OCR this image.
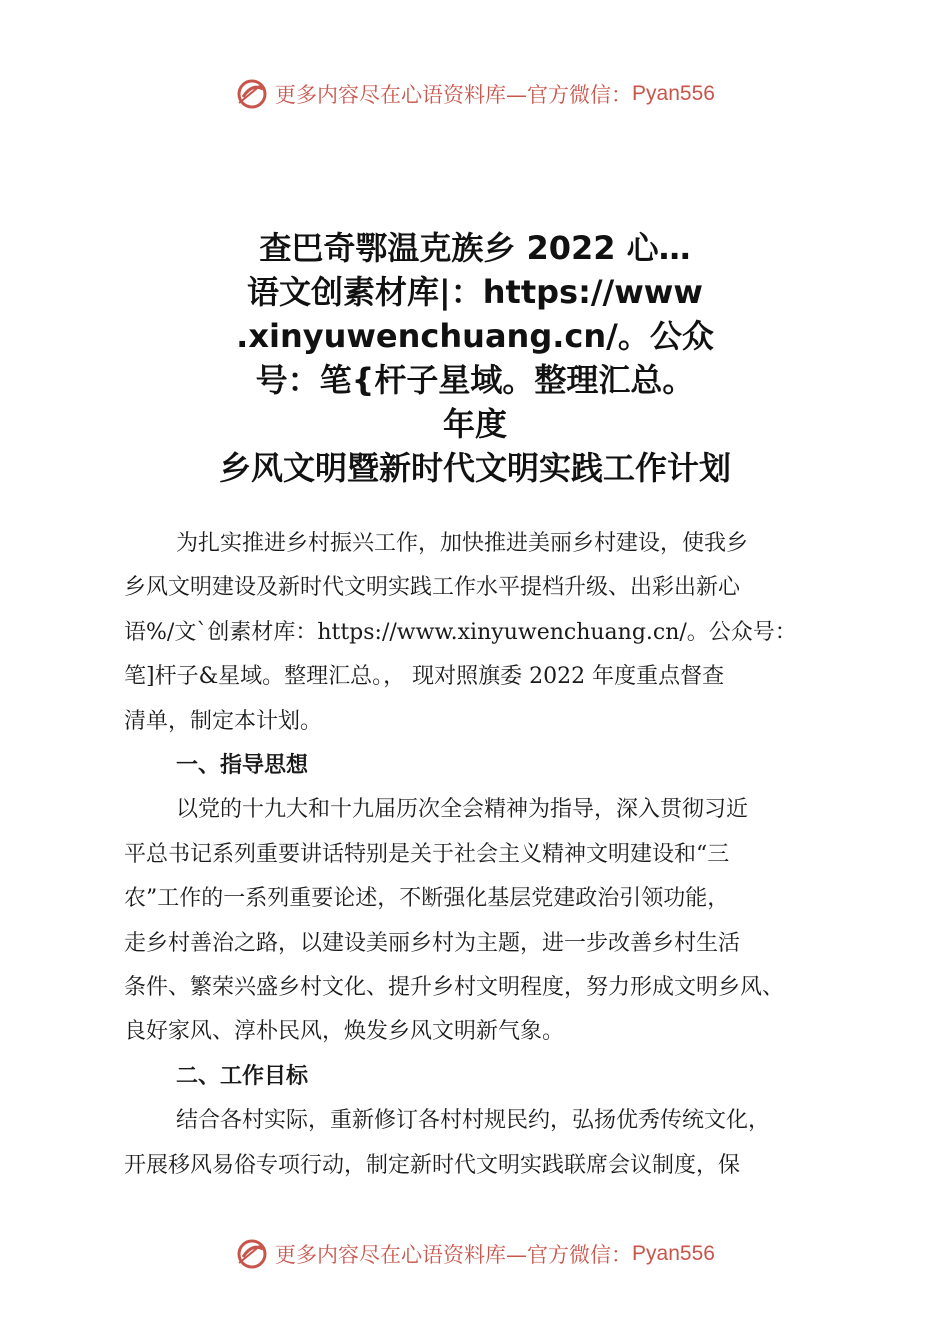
更多内容尽在心语资料库—官方微信： Pyan556
查巴奇鄂温克族乡 2022 心…
语文创素材库|：https://www
.xinyuwenchuang.cn/。公众
号：笔{杆子星域。整理汇总。
年度
乡风文明暨新时代文明实践工作计划

为扎实推进乡村振兴工作，加快推进美丽乡村建设，使我乡

乡风文明建设及新时代文明实践工作水平提档升级、出彩出新心

语%/文`创素材库：https://www.xinyuwenchuang.cn/。公众号：

笔]杆子&星域。整理汇总。， 现对照旗委 2022 年度重点督查

清单，制定本计划。

一、指导思想

以党的十九大和十九届历次全会精神为指导，深入贯彻习近

平总书记系列重要讲话特别是关于社会主义精神文明建设和“三

农”工作的一系列重要论述，不断强化基层党建政治引领功能，

走乡村善治之路，以建设美丽乡村为主题，进一步改善乡村生活

条件、繁荣兴盛乡村文化、提升乡村文明程度，努力形成文明乡风、

良好家风、淳朴民风，焕发乡风文明新气象。

二、工作目标

结合各村实际，重新修订各村村规民约，弘扬优秀传统文化，

开展移风易俗专项行动，制定新时代文明实践联席会议制度，保

更多内容尽在心语资料库—官方微信： Pyan556
